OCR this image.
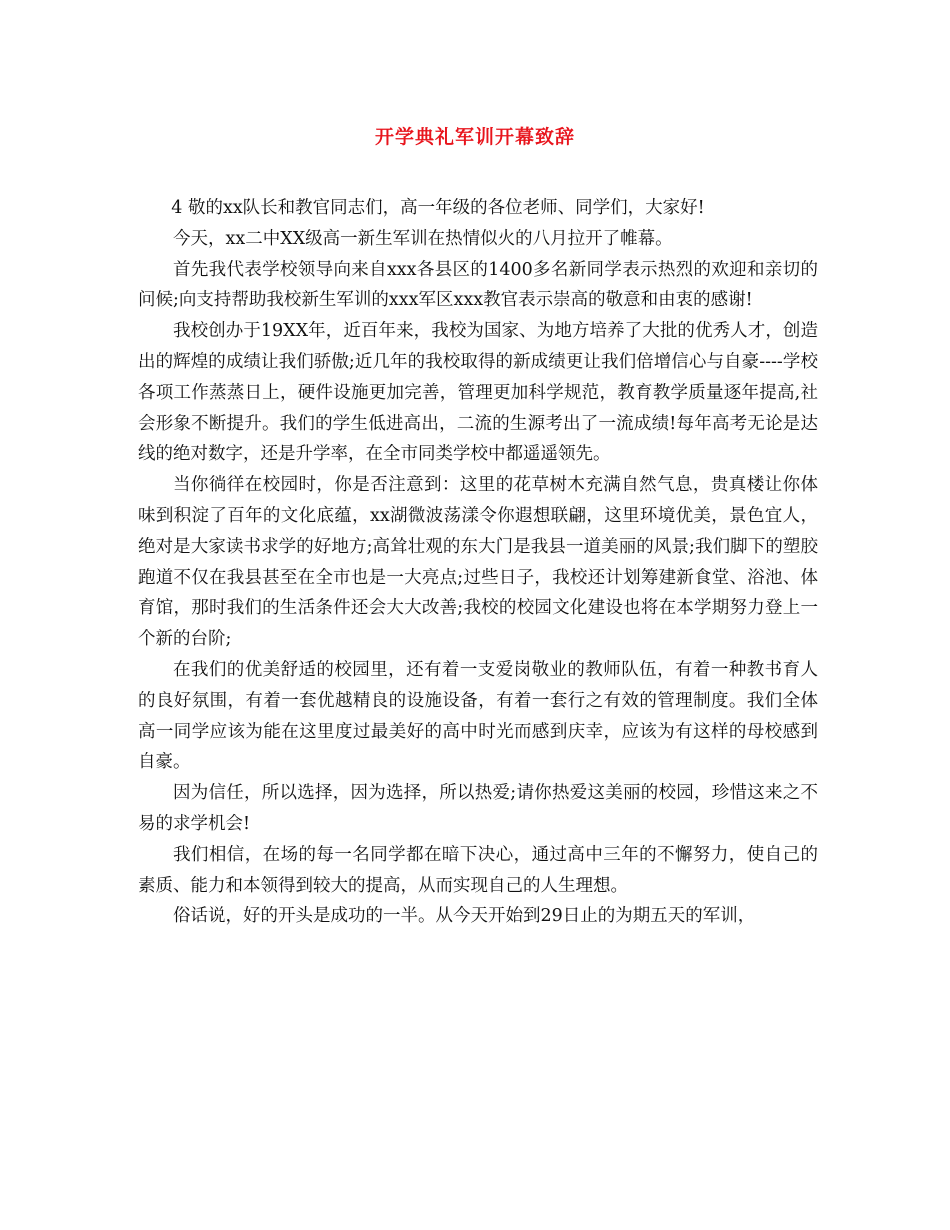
开学典礼军训开幕致辞

4 敬的xx队长和教官同志们，高一年级的各位老师、同学们，大家好!

今天，xx二中XX级高一新生军训在热情似火的八月拉开了帷幕。

首先我代表学校领导向来自xxx各县区的1400多名新同学表示热烈的欢迎和亲切的问候;向支持帮助我校新生军训的xxx军区xxx教官表示崇高的敬意和由衷的感谢!

我校创办于19XX年，近百年来，我校为国家、为地方培养了大批的优秀人才，创造出的辉煌的成绩让我们骄傲;近几年的我校取得的新成绩更让我们倍增信心与自豪----学校各项工作蒸蒸日上，硬件设施更加完善，管理更加科学规范，教育教学质量逐年提高,社会形象不断提升。我们的学生低进高出，二流的生源考出了一流成绩!每年高考无论是达线的绝对数字，还是升学率，在全市同类学校中都遥遥领先。

当你徜徉在校园时，你是否注意到：这里的花草树木充满自然气息，贵真楼让你体味到积淀了百年的文化底蕴，xx湖微波荡漾令你遐想联翩，这里环境优美，景色宜人，绝对是大家读书求学的好地方;高耸壮观的东大门是我县一道美丽的风景;我们脚下的塑胶跑道不仅在我县甚至在全市也是一大亮点;过些日子，我校还计划筹建新食堂、浴池、体育馆，那时我们的生活条件还会大大改善;我校的校园文化建设也将在本学期努力登上一个新的台阶;

在我们的优美舒适的校园里，还有着一支爱岗敬业的教师队伍，有着一种教书育人的良好氛围，有着一套优越精良的设施设备，有着一套行之有效的管理制度。我们全体高一同学应该为能在这里度过最美好的高中时光而感到庆幸，应该为有这样的母校感到自豪。

因为信任，所以选择，因为选择，所以热爱;请你热爱这美丽的校园，珍惜这来之不易的求学机会!

我们相信，在场的每一名同学都在暗下决心，通过高中三年的不懈努力，使自己的素质、能力和本领得到较大的提高，从而实现自己的人生理想。

俗话说，好的开头是成功的一半。从今天开始到29日止的为期五天的军训，
